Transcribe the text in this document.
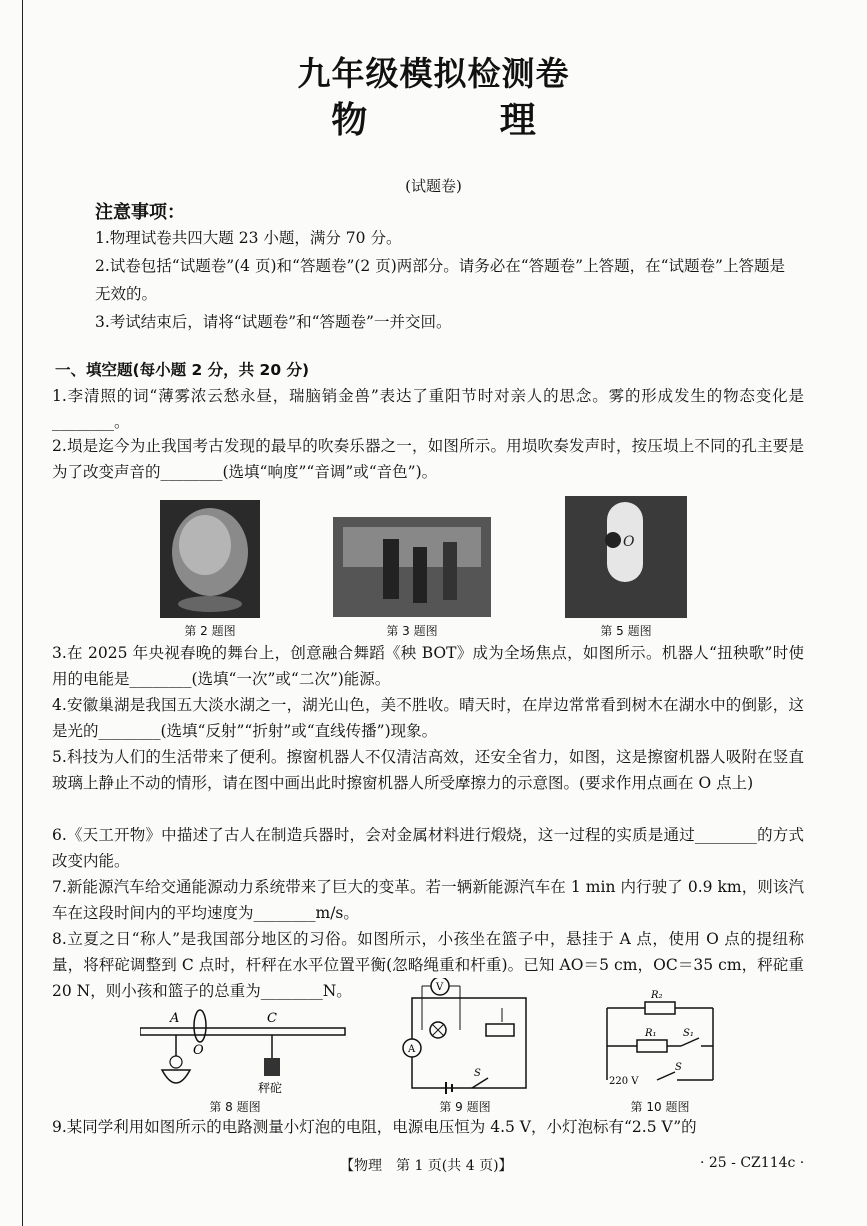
九年级模拟检测卷
物 理
(试题卷)
注意事项：
1.物理试卷共四大题 23 小题，满分 70 分。
2.试卷包括“试题卷”(4 页)和“答题卷”(2 页)两部分。请务必在“答题卷”上答题，在“试题卷”上答题是无效的。
3.考试结束后，请将“试题卷”和“答题卷”一并交回。
一、填空题(每小题 2 分，共 20 分)
1.李清照的词“薄雾浓云愁永昼，瑞脑销金兽”表达了重阳节时对亲人的思念。雾的形成发生的物态变化是________。
2.埙是迄今为止我国考古发现的最早的吹奏乐器之一，如图所示。用埙吹奏发声时，按压埙上不同的孔主要是为了改变声音的________(选填“响度”“音调”或“音色”)。
第 2 题图	第 3 题图
O
第 5 题图
3.在 2025 年央视春晚的舞台上，创意融合舞蹈《秧 BOT》成为全场焦点，如图所示。机器人“扭秧歌”时使用的电能是________(选填“一次”或“二次”)能源。
4.安徽巢湖是我国五大淡水湖之一，湖光山色，美不胜收。晴天时，在岸边常常看到树木在湖水中的倒影，这是光的________(选填“反射”“折射”或“直线传播”)现象。
5.科技为人们的生活带来了便利。擦窗机器人不仅清洁高效，还安全省力，如图，这是擦窗机器人吸附在竖直玻璃上静止不动的情形，请在图中画出此时擦窗机器人所受摩擦力的示意图。(要求作用点画在 O 点上)
6.《天工开物》中描述了古人在制造兵器时，会对金属材料进行煅烧，这一过程的实质是通过________的方式改变内能。
7.新能源汽车给交通能源动力系统带来了巨大的变革。若一辆新能源汽车在 1 min 内行驶了 0.9 km，则该汽车在这段时间内的平均速度为________m/s。
8.立夏之日“称人”是我国部分地区的习俗。如图所示，小孩坐在篮子中，悬挂于 A 点，使用 O 点的提纽称量，将秤砣调整到 C 点时，杆秤在水平位置平衡(忽略绳重和杆重)。已知 AO＝5 cm，OC＝35 cm，秤砣重 20 N，则小孩和篮子的总重为________N。
A
O
C
秤砣
第 8 题图
V
A
S
第 9 题图
R₂
R₁	S₁
220 V
S
第 10 题图
9.某同学利用如图所示的电路测量小灯泡的电阻，电源电压恒为 4.5 V，小灯泡标有“2.5 V”的
【物理　第 1 页(共 4 页)】	· 25 - CZ114c ·
